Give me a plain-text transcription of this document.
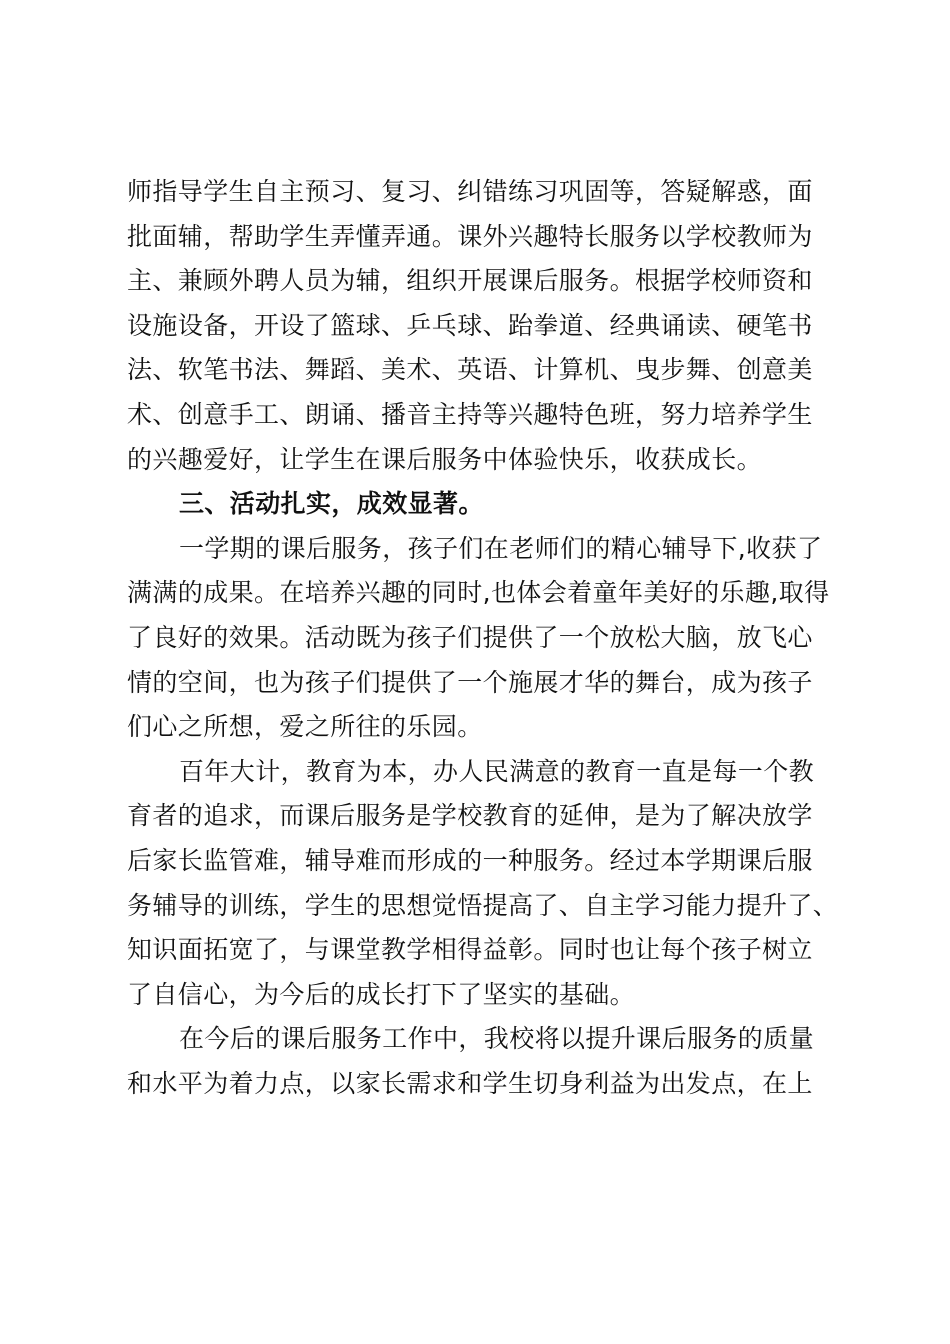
师指导学生自主预习、复习、纠错练习巩固等，答疑解惑，面
批面辅，帮助学生弄懂弄通。课外兴趣特长服务以学校教师为
主、兼顾外聘人员为辅，组织开展课后服务。根据学校师资和
设施设备，开设了篮球、乒乓球、跆拳道、经典诵读、硬笔书
法、软笔书法、舞蹈、美术、英语、计算机、曳步舞、创意美
术、创意手工、朗诵、播音主持等兴趣特色班，努力培养学生
的兴趣爱好，让学生在课后服务中体验快乐，收获成长。
三、活动扎实，成效显著。
一学期的课后服务，孩子们在老师们的精心辅导下,收获了
满满的成果。在培养兴趣的同时,也体会着童年美好的乐趣,取得
了良好的效果。活动既为孩子们提供了一个放松大脑，放飞心
情的空间，也为孩子们提供了一个施展才华的舞台，成为孩子
们心之所想，爱之所往的乐园。
百年大计，教育为本，办人民满意的教育一直是每一个教
育者的追求，而课后服务是学校教育的延伸，是为了解决放学
后家长监管难，辅导难而形成的一种服务。经过本学期课后服
务辅导的训练，学生的思想觉悟提高了、自主学习能力提升了、
知识面拓宽了，与课堂教学相得益彰。同时也让每个孩子树立
了自信心，为今后的成长打下了坚实的基础。
在今后的课后服务工作中，我校将以提升课后服务的质量
和水平为着力点，以家长需求和学生切身利益为出发点，在上
